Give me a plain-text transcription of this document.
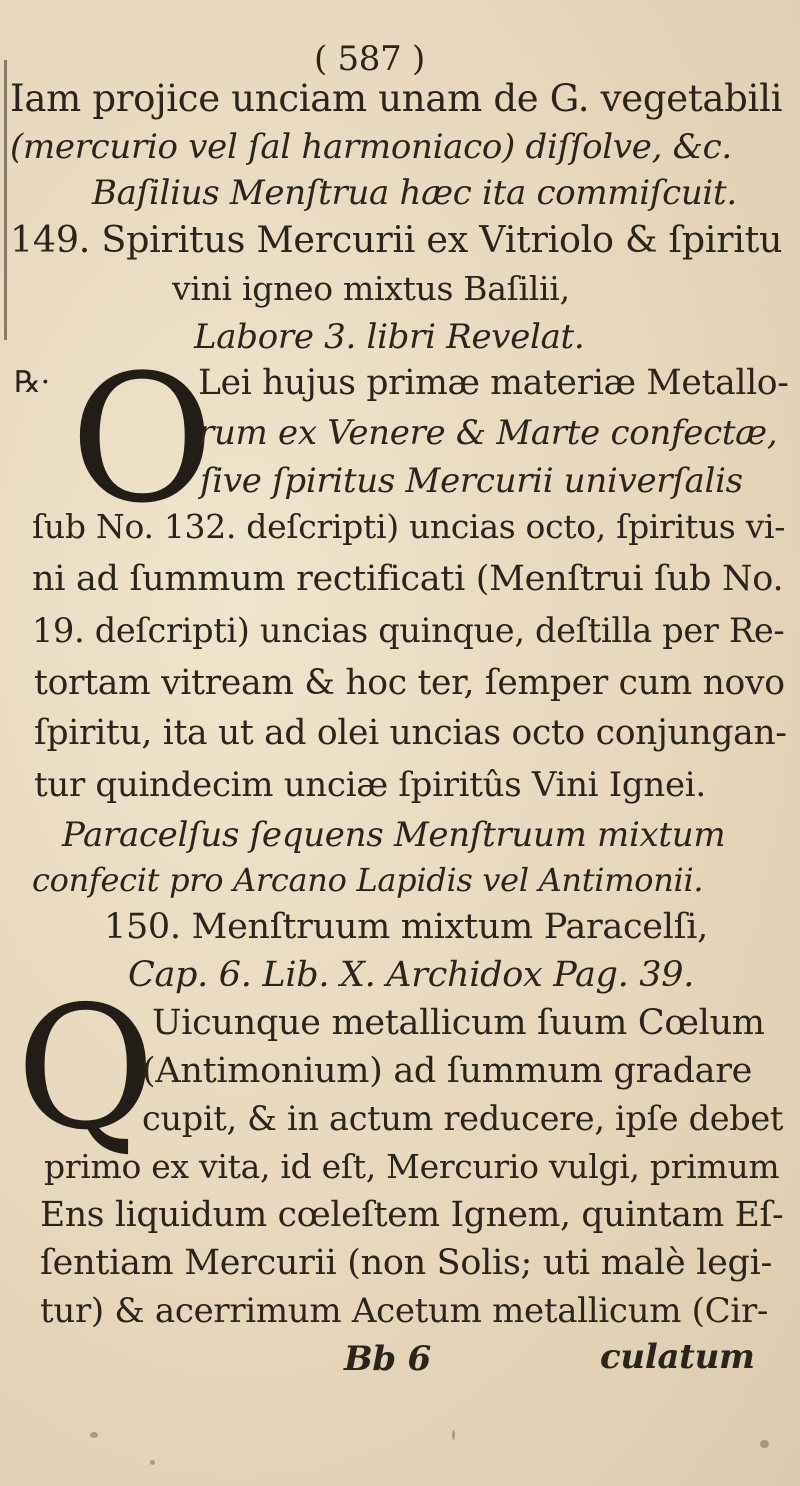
( 587 )
Iam projice unciam unam de G. vegetabili
(mercurio vel ſal harmoniaco) diſſolve, &c.
Baſilius Menſtrua hæc ita commiſcuit.
149. Spiritus Mercurii ex Vitriolo & ſpiritu
vini igneo mixtus Baſilii,
Labore 3. libri Revelat.
℞· O
Lei hujus primæ materiæ Metallo-
rum ex Venere & Marte confectæ,
ſive ſpiritus Mercurii univerſalis
ſub No. 132. deſcripti) uncias octo, ſpiritus vi-
ni ad ſummum rectificati (Menſtrui ſub No.
19. deſcripti) uncias quinque, deſtilla per Re-
tortam vitream & hoc ter, ſemper cum novo
ſpiritu, ita ut ad olei uncias octo conjungan-
tur quindecim unciæ ſpiritûs Vini Ignei.
Paracelſus ſequens Menſtruum mixtum
confecit pro Arcano Lapidis vel Antimonii.
150. Menſtruum mixtum Paracelſi,
Cap. 6. Lib. X. Archidox Pag. 39.
Q
Uicunque metallicum ſuum Cœlum
(Antimonium) ad ſummum gradare
cupit, & in actum reducere, ipſe debet
primo ex vita, id eſt, Mercurio vulgi, primum
Ens liquidum cœleſtem Ignem, quintam Eſ-
ſentiam Mercurii (non Solis; uti malè legi-
tur) & acerrimum Acetum metallicum (Cir-
Bb 6	culatum
